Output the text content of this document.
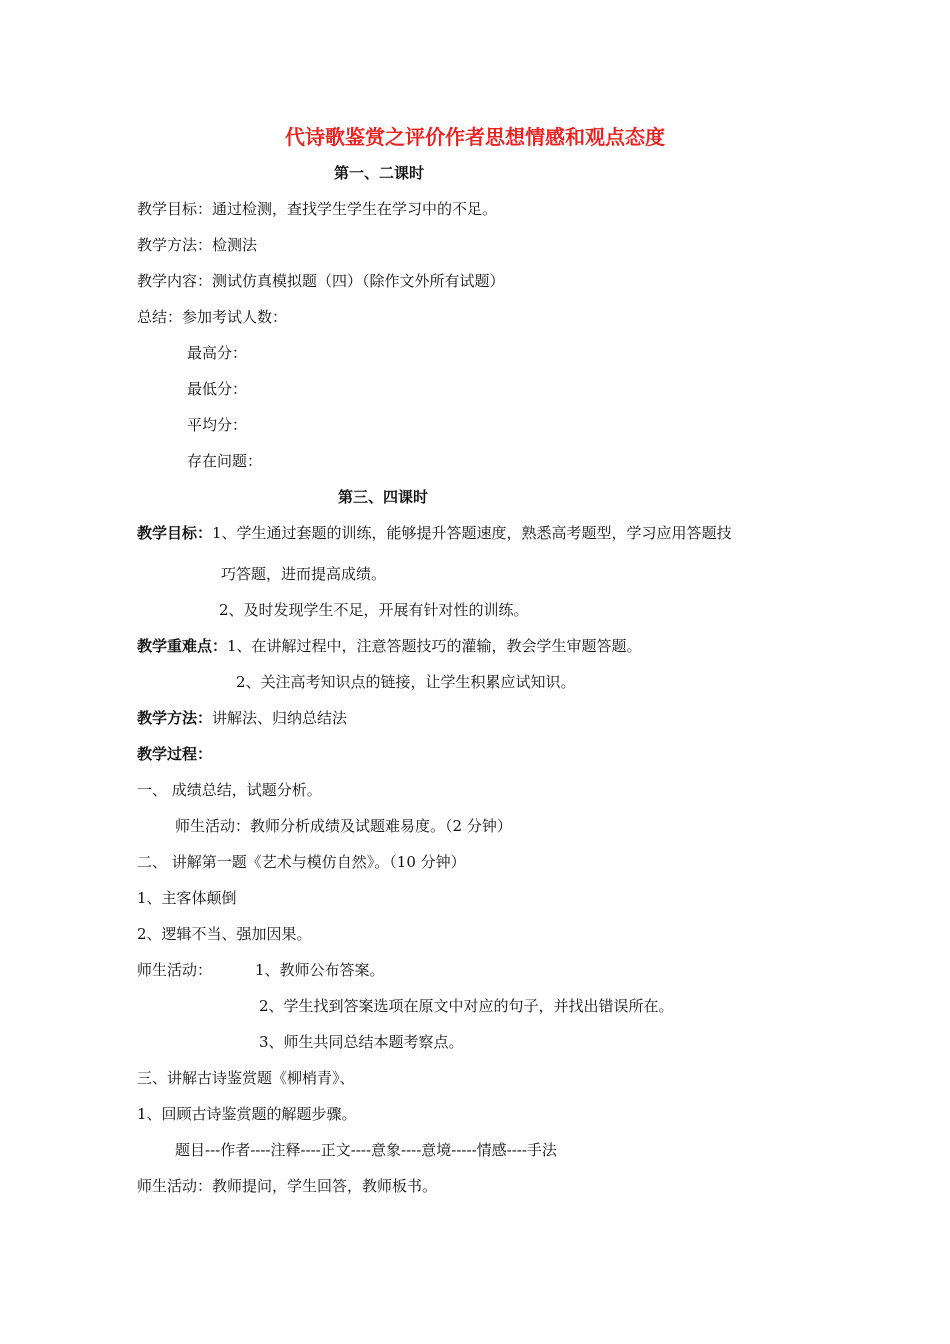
代诗歌鉴赏之评价作者思想情感和观点态度
第一、二课时
教学目标：通过检测，查找学生学生在学习中的不足。
教学方法：检测法
教学内容：测试仿真模拟题（四）（除作文外所有试题）
总结：参加考试人数：
最高分：
最低分：
平均分：
存在问题：
第三、四课时
教学目标：1、学生通过套题的训练，能够提升答题速度，熟悉高考题型，学习应用答题技
巧答题，进而提高成绩。
2、及时发现学生不足，开展有针对性的训练。
教学重难点：1、在讲解过程中，注意答题技巧的灌输，教会学生审题答题。
2、关注高考知识点的链接，让学生积累应试知识。
教学方法：讲解法、归纳总结法
教学过程：
一、 成绩总结，试题分析。
师生活动：教师分析成绩及试题难易度。（2 分钟）
二、 讲解第一题《艺术与模仿自然》。（10 分钟）
1、主客体颠倒
2、逻辑不当、强加因果。
师生活动：	1、教师公布答案。
2、学生找到答案选项在原文中对应的句子，并找出错误所在。
3、师生共同总结本题考察点。
三、讲解古诗鉴赏题《柳梢青》、
1、回顾古诗鉴赏题的解题步骤。
题目---作者----注释----正文----意象----意境-----情感----手法
师生活动：教师提问，学生回答，教师板书。
